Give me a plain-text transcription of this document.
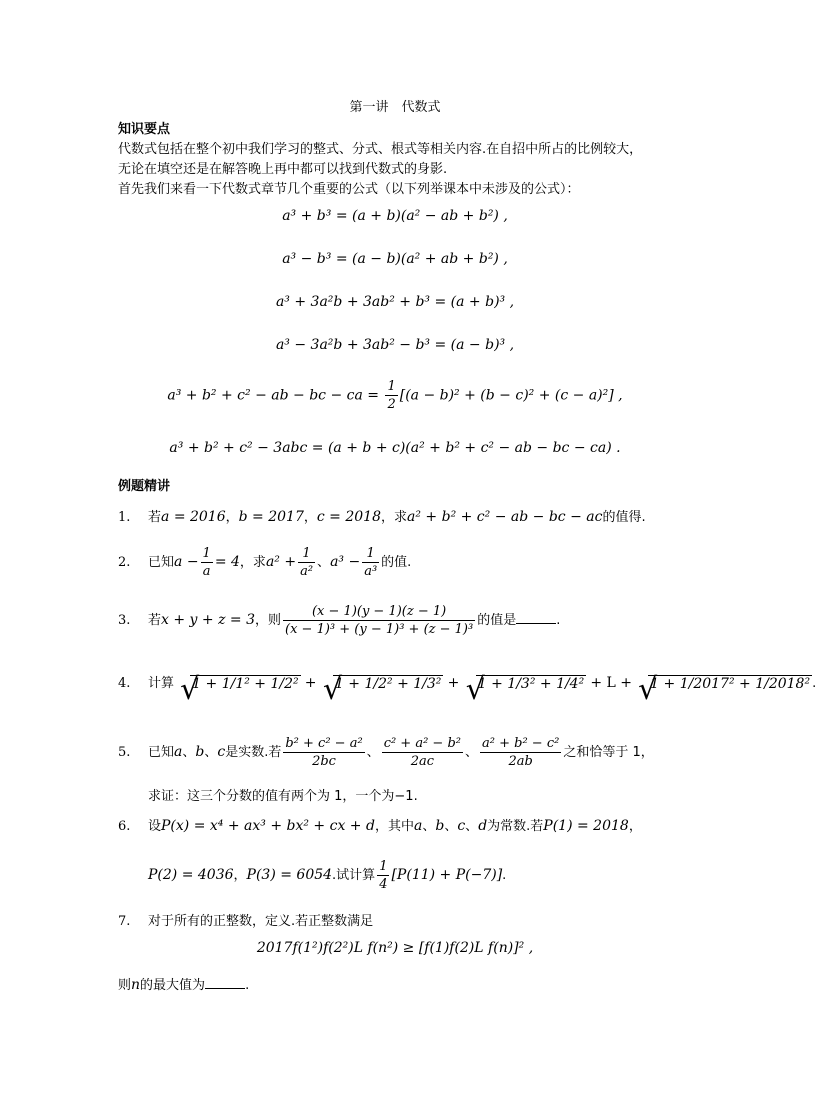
第一讲　代数式
知识要点
代数式包括在整个初中我们学习的整式、分式、根式等相关内容.在自招中所占的比例较大，
无论在填空还是在解答晚上再中都可以找到代数式的身影.
首先我们来看一下代数式章节几个重要的公式（以下列举课本中未涉及的公式）：
a³ + b³ = (a + b)(a² − ab + b²) ,
a³ − b³ = (a − b)(a² + ab + b²) ,
a³ + 3a²b + 3ab² + b³ = (a + b)³ ,
a³ − 3a²b + 3ab² − b³ = (a − b)³ ,
a³ + b² + c² − ab − bc − ca = $\frac{1}{2} [(a - b)^2 + (b - c)^2 + (c - a)^2]$ ,
a³ + b² + c² − 3abc = (a + b + c)(a² + b² + c² − ab − bc − ca) .
例题精讲
1. 若a = 2016，b = 2017，c = 2018，求a² + b² + c² − ab − bc − ac的值得.
2. 已知$a - \frac{1}{a} = 4$，求$a^2 + \frac{1}{\text{a²}}$ 、$a^3 - \frac{1}{\text{a³}}$ 的值.
3. 若x + y + z = 3，则 $\frac{(x - 1)(y - 1)(z - 1)}{\text{(x − 1)³ + (y − 1)³ + (z − 1)³}}$ 的值是	.
4. 计算 √ 1 + 1/1² + 1/2² + √ 1 + 1/2² + 1/3² + √ 1 + 1/3² + 1/4² + L + √ 1 + 1/2017² + 1/2018² .
5. 已知a、b、c是实数.若 $\frac{\text{b² + c² − a²}}{2bc}$ 、 $\frac{\text{c² + a² − b²}}{2ac}$ 、 $\frac{\text{a² + b² − c²}}{2ab}$ 之和恰等于 1，
求证：这三个分数的值有两个为 1，一个为−1.
6. 设P(x) = x⁴ + ax³ + bx² + cx + d，其中a、b、c、d为常数.若P(1) = 2018，
P(2) = 4036，P(3) = 6054.试计算 $\frac{1}{4} [P(11) + P(-7)]$.
7. 对于所有的正整数，定义.若正整数满足
2017f(1²)f(2²)L f(n²) ≥ [f(1)f(2)L f(n)]² ,
则n的最大值为	.
